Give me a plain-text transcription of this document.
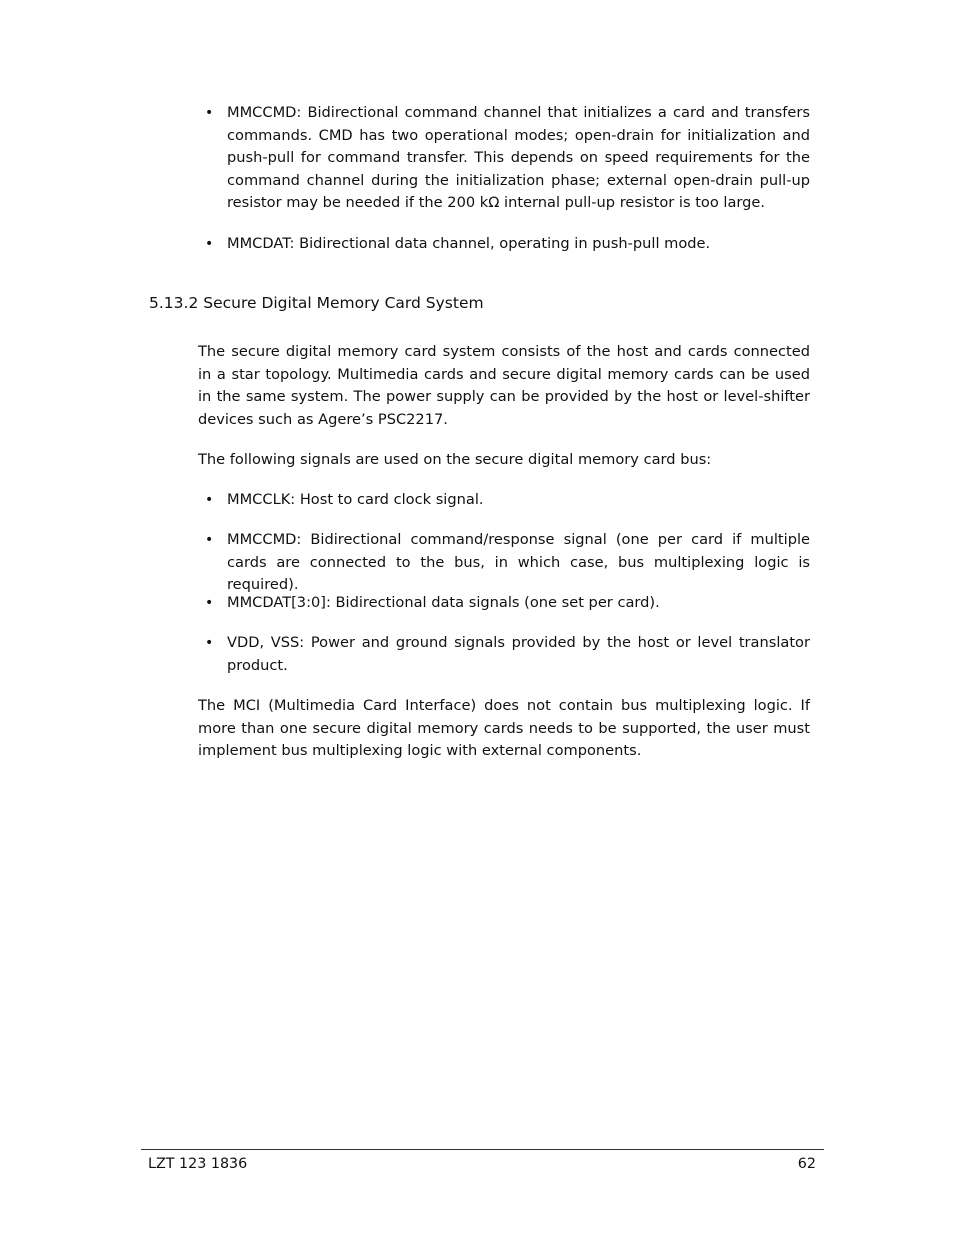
• MMCCMD: Bidirectional command channel that initializes a card and transfers commands. CMD has two operational modes; open-drain for initialization and push-pull for command transfer. This depends on speed requirements for the command channel during the initialization phase; external open-drain pull-up resistor may be needed if the 200 kΩ internal pull-up resistor is too large.
• MMCDAT: Bidirectional data channel, operating in push-pull mode.
5.13.2 Secure Digital Memory Card System

The secure digital memory card system consists of the host and cards connected in a star topology. Multimedia cards and secure digital memory cards can be used in the same system. The power supply can be provided by the host or level-shifter devices such as Agere’s PSC2217.

The following signals are used on the secure digital memory card bus:

• MMCCLK: Host to card clock signal.
• MMCCMD: Bidirectional command/response signal (one per card if multiple cards are connected to the bus, in which case, bus multiplexing logic is required).
• MMCDAT[3:0]: Bidirectional data signals (one set per card).
• VDD, VSS: Power and ground signals provided by the host or level translator product.

The MCI (Multimedia Card Interface) does not contain bus multiplexing logic. If more than one secure digital memory cards needs to be supported, the user must implement bus multiplexing logic with external components.

LZT 123 1836	62
